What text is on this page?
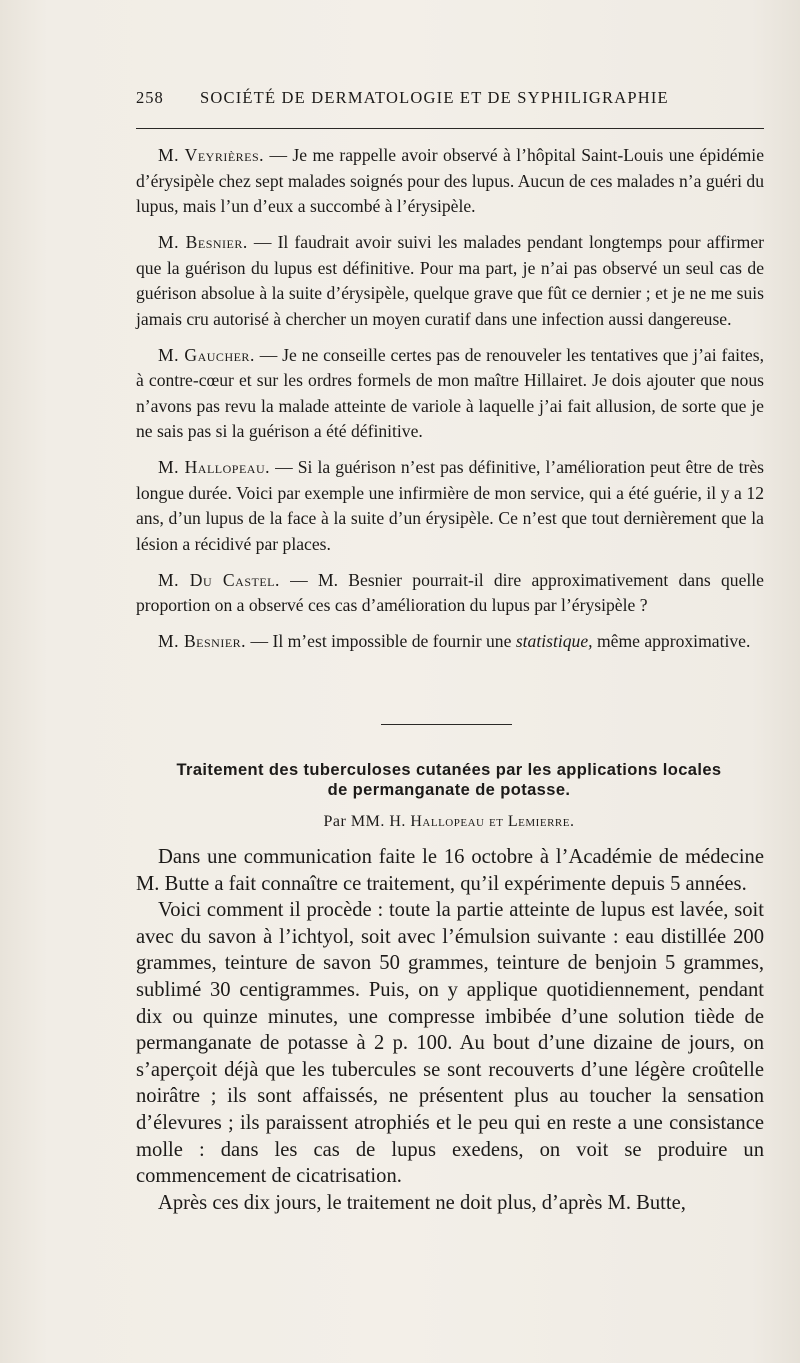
258	SOCIÉTÉ DE DERMATOLOGIE ET DE SYPHILIGRAPHIE

M. Veyrières. — Je me rappelle avoir observé à l’hôpital Saint-Louis une épidémie d’érysipèle chez sept malades soignés pour des lupus. Aucun de ces malades n’a guéri du lupus, mais l’un d’eux a succombé à l’érysipèle.

M. Besnier. — Il faudrait avoir suivi les malades pendant longtemps pour affirmer que la guérison du lupus est définitive. Pour ma part, je n’ai pas observé un seul cas de guérison absolue à la suite d’érysipèle, quelque grave que fût ce dernier ; et je ne me suis jamais cru autorisé à chercher un moyen curatif dans une infection aussi dangereuse.

M. Gaucher. — Je ne conseille certes pas de renouveler les tentatives que j’ai faites, à contre-cœur et sur les ordres formels de mon maître Hillairet. Je dois ajouter que nous n’avons pas revu la malade atteinte de variole à laquelle j’ai fait allusion, de sorte que je ne sais pas si la guérison a été définitive.

M. Hallopeau. — Si la guérison n’est pas définitive, l’amélioration peut être de très longue durée. Voici par exemple une infirmière de mon service, qui a été guérie, il y a 12 ans, d’un lupus de la face à la suite d’un érysipèle. Ce n’est que tout dernièrement que la lésion a récidivé par places.

M. Du Castel. — M. Besnier pourrait-il dire approximativement dans quelle proportion on a observé ces cas d’amélioration du lupus par l’érysipèle ?

M. Besnier. — Il m’est impossible de fournir une statistique, même approximative.

Traitement des tuberculoses cutanées par les applications locales
de permanganate de potasse.
Par MM. H. Hallopeau et Lemierre.

Dans une communication faite le 16 octobre à l’Académie de médecine M. Butte a fait connaître ce traitement, qu’il expérimente depuis 5 années.

Voici comment il procède : toute la partie atteinte de lupus est lavée, soit avec du savon à l’ichtyol, soit avec l’émulsion suivante : eau distillée 200 grammes, teinture de savon 50 grammes, teinture de benjoin 5 grammes, sublimé 30 centigrammes. Puis, on y applique quotidiennement, pendant dix ou quinze minutes, une compresse imbibée d’une solution tiède de permanganate de potasse à 2 p. 100. Au bout d’une dizaine de jours, on s’aperçoit déjà que les tubercules se sont recouverts d’une légère croûtelle noirâtre ; ils sont affaissés, ne présentent plus au toucher la sensation d’élevures ; ils paraissent atrophiés et le peu qui en reste a une consistance molle : dans les cas de lupus exedens, on voit se produire un commencement de cicatrisation.

Après ces dix jours, le traitement ne doit plus, d’après M. Butte,
